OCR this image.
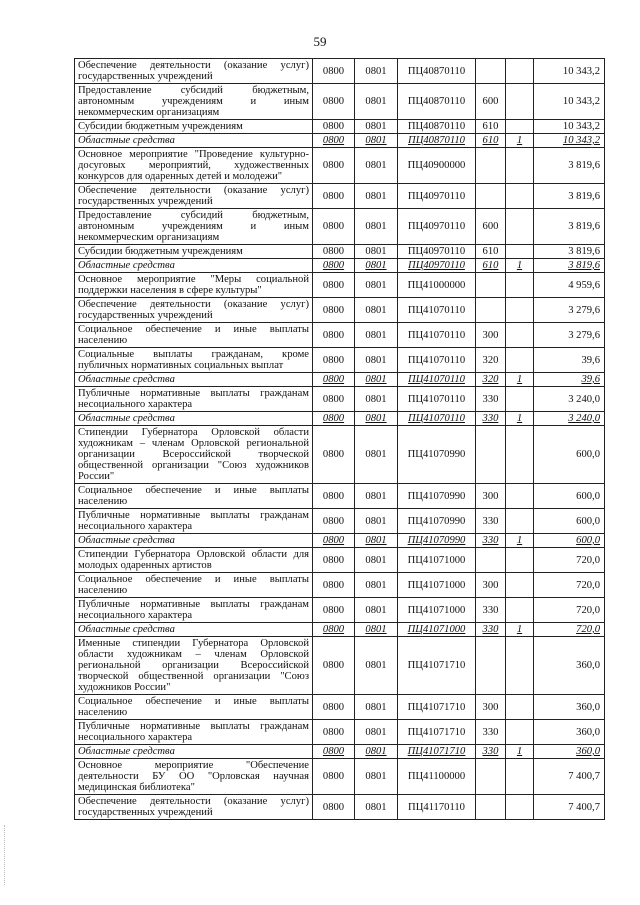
59
Обеспечение деятельности (оказание услуг) государственных учреждений	0800	0801	ПЦ40870110			10 343,2
Предоставление субсидий бюджетным, автономным учреждениям и иным некоммерческим организациям	0800	0801	ПЦ40870110	600		10 343,2
Субсидии бюджетным учреждениям	0800	0801	ПЦ40870110	610		10 343,2
Областные средства	0800	0801	ПЦ40870110	610	1	10 343,2
Основное мероприятие "Проведение культурно-досуговых мероприятий, художественных конкурсов для одаренных детей и молодежи"	0800	0801	ПЦ40900000			3 819,6
Обеспечение деятельности (оказание услуг) государственных учреждений	0800	0801	ПЦ40970110			3 819,6
Предоставление субсидий бюджетным, автономным учреждениям и иным некоммерческим организациям	0800	0801	ПЦ40970110	600		3 819,6
Субсидии бюджетным учреждениям	0800	0801	ПЦ40970110	610		3 819,6
Областные средства	0800	0801	ПЦ40970110	610	1	3 819,6
Основное мероприятие "Меры социальной поддержки населения в сфере культуры"	0800	0801	ПЦ41000000			4 959,6
Обеспечение деятельности (оказание услуг) государственных учреждений	0800	0801	ПЦ41070110			3 279,6
Социальное обеспечение и иные выплаты населению	0800	0801	ПЦ41070110	300		3 279,6
Социальные выплаты гражданам, кроме публичных нормативных социальных выплат	0800	0801	ПЦ41070110	320		39,6
Областные средства	0800	0801	ПЦ41070110	320	1	39,6
Публичные нормативные выплаты гражданам несоциального характера	0800	0801	ПЦ41070110	330		3 240,0
Областные средства	0800	0801	ПЦ41070110	330	1	3 240,0
Стипендии Губернатора Орловской области художникам – членам Орловской региональной организации Всероссийской творческой общественной организации "Союз художников России"	0800	0801	ПЦ41070990			600,0
Социальное обеспечение и иные выплаты населению	0800	0801	ПЦ41070990	300		600,0
Публичные нормативные выплаты гражданам несоциального характера	0800	0801	ПЦ41070990	330		600,0
Областные средства	0800	0801	ПЦ41070990	330	1	600,0
Стипендии Губернатора Орловской области для молодых одаренных артистов	0800	0801	ПЦ41071000			720,0
Социальное обеспечение и иные выплаты населению	0800	0801	ПЦ41071000	300		720,0
Публичные нормативные выплаты гражданам несоциального характера	0800	0801	ПЦ41071000	330		720,0
Областные средства	0800	0801	ПЦ41071000	330	1	720,0
Именные стипендии Губернатора Орловской области художникам – членам Орловской региональной организации Всероссийской творческой общественной организации "Союз художников России"	0800	0801	ПЦ41071710			360,0
Социальное обеспечение и иные выплаты населению	0800	0801	ПЦ41071710	300		360,0
Публичные нормативные выплаты гражданам несоциального характера	0800	0801	ПЦ41071710	330		360,0
Областные средства	0800	0801	ПЦ41071710	330	1	360,0
Основное мероприятие "Обеспечение деятельности БУ ОО "Орловская научная медицинская библиотека"	0800	0801	ПЦ41100000			7 400,7
Обеспечение деятельности (оказание услуг) государственных учреждений	0800	0801	ПЦ41170110			7 400,7
